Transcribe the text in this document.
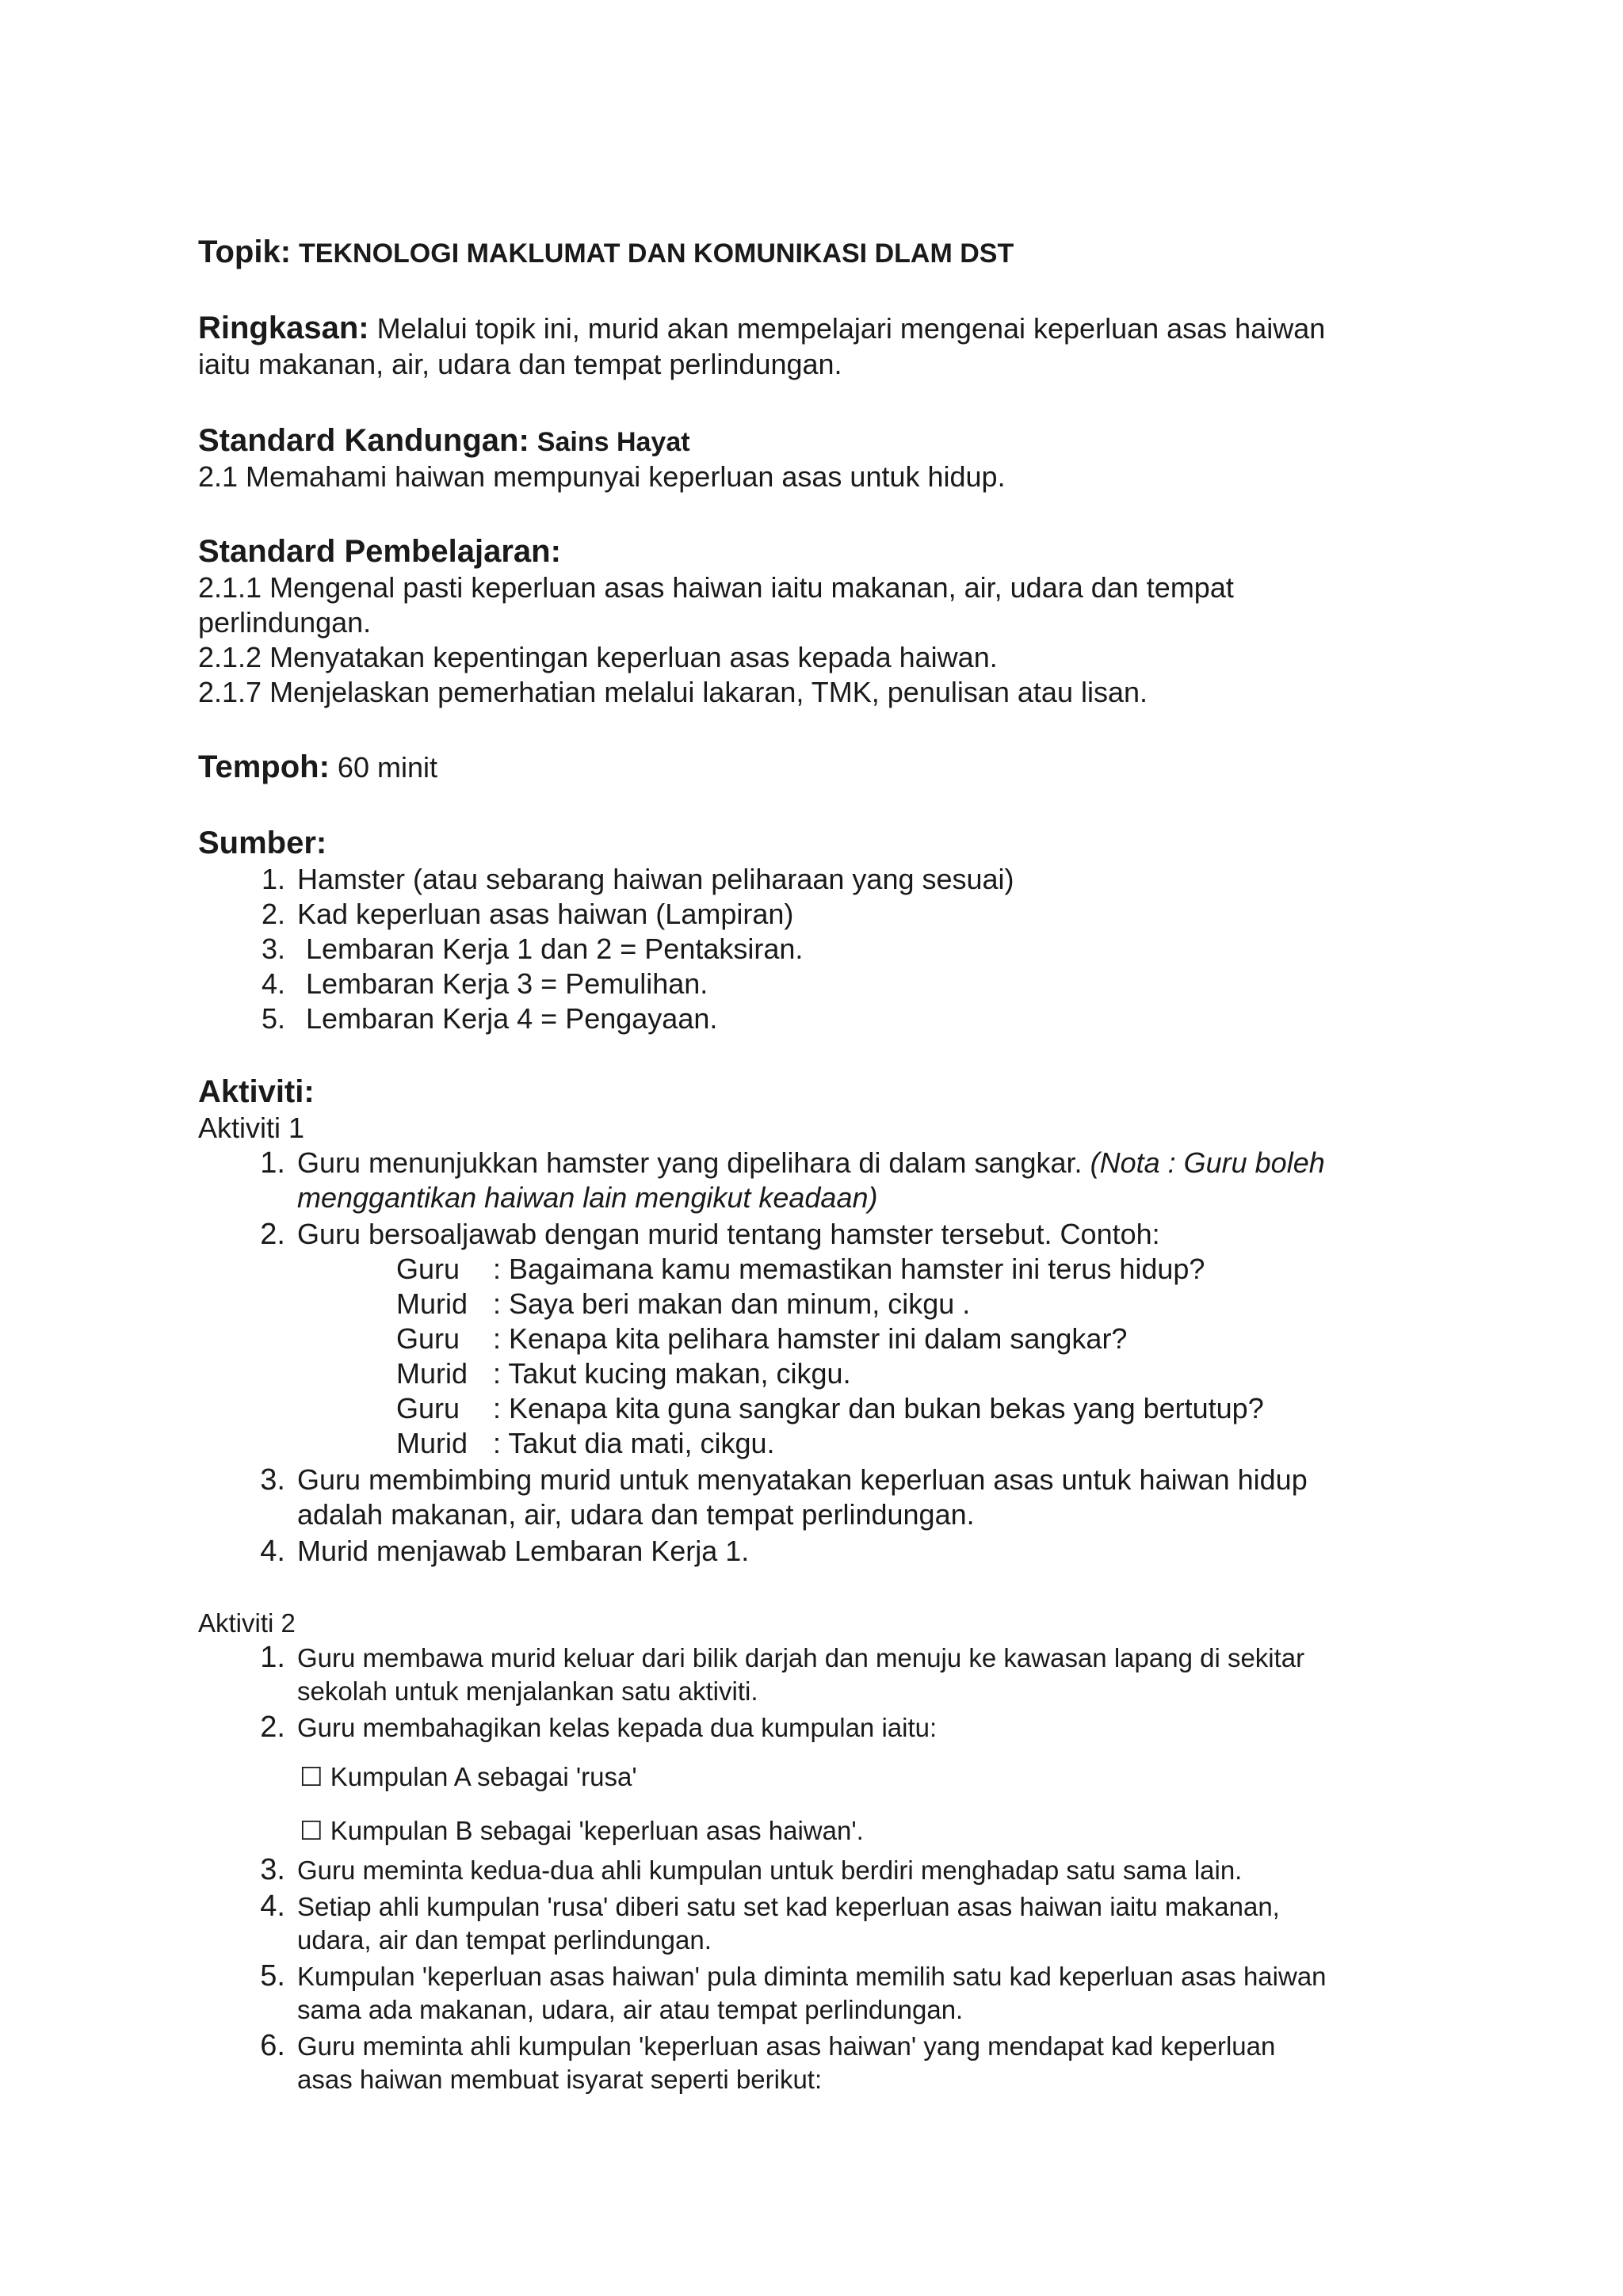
Topik: TEKNOLOGI MAKLUMAT DAN KOMUNIKASI DLAM DST
Ringkasan: Melalui topik ini, murid akan mempelajari mengenai keperluan asas haiwan
iaitu makanan, air, udara dan tempat perlindungan.
Standard Kandungan: Sains Hayat
2.1 Memahami haiwan mempunyai keperluan asas untuk hidup.
Standard Pembelajaran:
2.1.1 Mengenal pasti keperluan asas haiwan iaitu makanan, air, udara dan tempat
perlindungan.
2.1.2 Menyatakan kepentingan keperluan asas kepada haiwan.
2.1.7 Menjelaskan pemerhatian melalui lakaran, TMK, penulisan atau lisan.
Tempoh: 60 minit
Sumber:
1. Hamster (atau sebarang haiwan peliharaan yang sesuai)
2. Kad keperluan asas haiwan (Lampiran)
3. Lembaran Kerja 1 dan 2 = Pentaksiran.
4. Lembaran Kerja 3 = Pemulihan.
5. Lembaran Kerja 4 = Pengayaan.
Aktiviti:
Aktiviti 1
1. Guru menunjukkan hamster yang dipelihara di dalam sangkar. (Nota : Guru boleh
menggantikan haiwan lain mengikut keadaan)
2. Guru bersoaljawab dengan murid tentang hamster tersebut. Contoh:
Guru	: Bagaimana kamu memastikan hamster ini terus hidup?
Murid : Saya beri makan dan minum, cikgu .
Guru	: Kenapa kita pelihara hamster ini dalam sangkar?
Murid : Takut kucing makan, cikgu.
Guru	: Kenapa kita guna sangkar dan bukan bekas yang bertutup?
Murid : Takut dia mati, cikgu.
3. Guru membimbing murid untuk menyatakan keperluan asas untuk haiwan hidup
adalah makanan, air, udara dan tempat perlindungan.
4. Murid menjawab Lembaran Kerja 1.
Aktiviti 2
1. Guru membawa murid keluar dari bilik darjah dan menuju ke kawasan lapang di sekitar
sekolah untuk menjalankan satu aktiviti.
2. Guru membahagikan kelas kepada dua kumpulan iaitu:
☐ Kumpulan A sebagai 'rusa'
☐ Kumpulan B sebagai 'keperluan asas haiwan'.
3. Guru meminta kedua-dua ahli kumpulan untuk berdiri menghadap satu sama lain.
4. Setiap ahli kumpulan 'rusa' diberi satu set kad keperluan asas haiwan iaitu makanan,
udara, air dan tempat perlindungan.
5. Kumpulan 'keperluan asas haiwan' pula diminta memilih satu kad keperluan asas haiwan
sama ada makanan, udara, air atau tempat perlindungan.
6. Guru meminta ahli kumpulan 'keperluan asas haiwan' yang mendapat kad keperluan
asas haiwan membuat isyarat seperti berikut:
